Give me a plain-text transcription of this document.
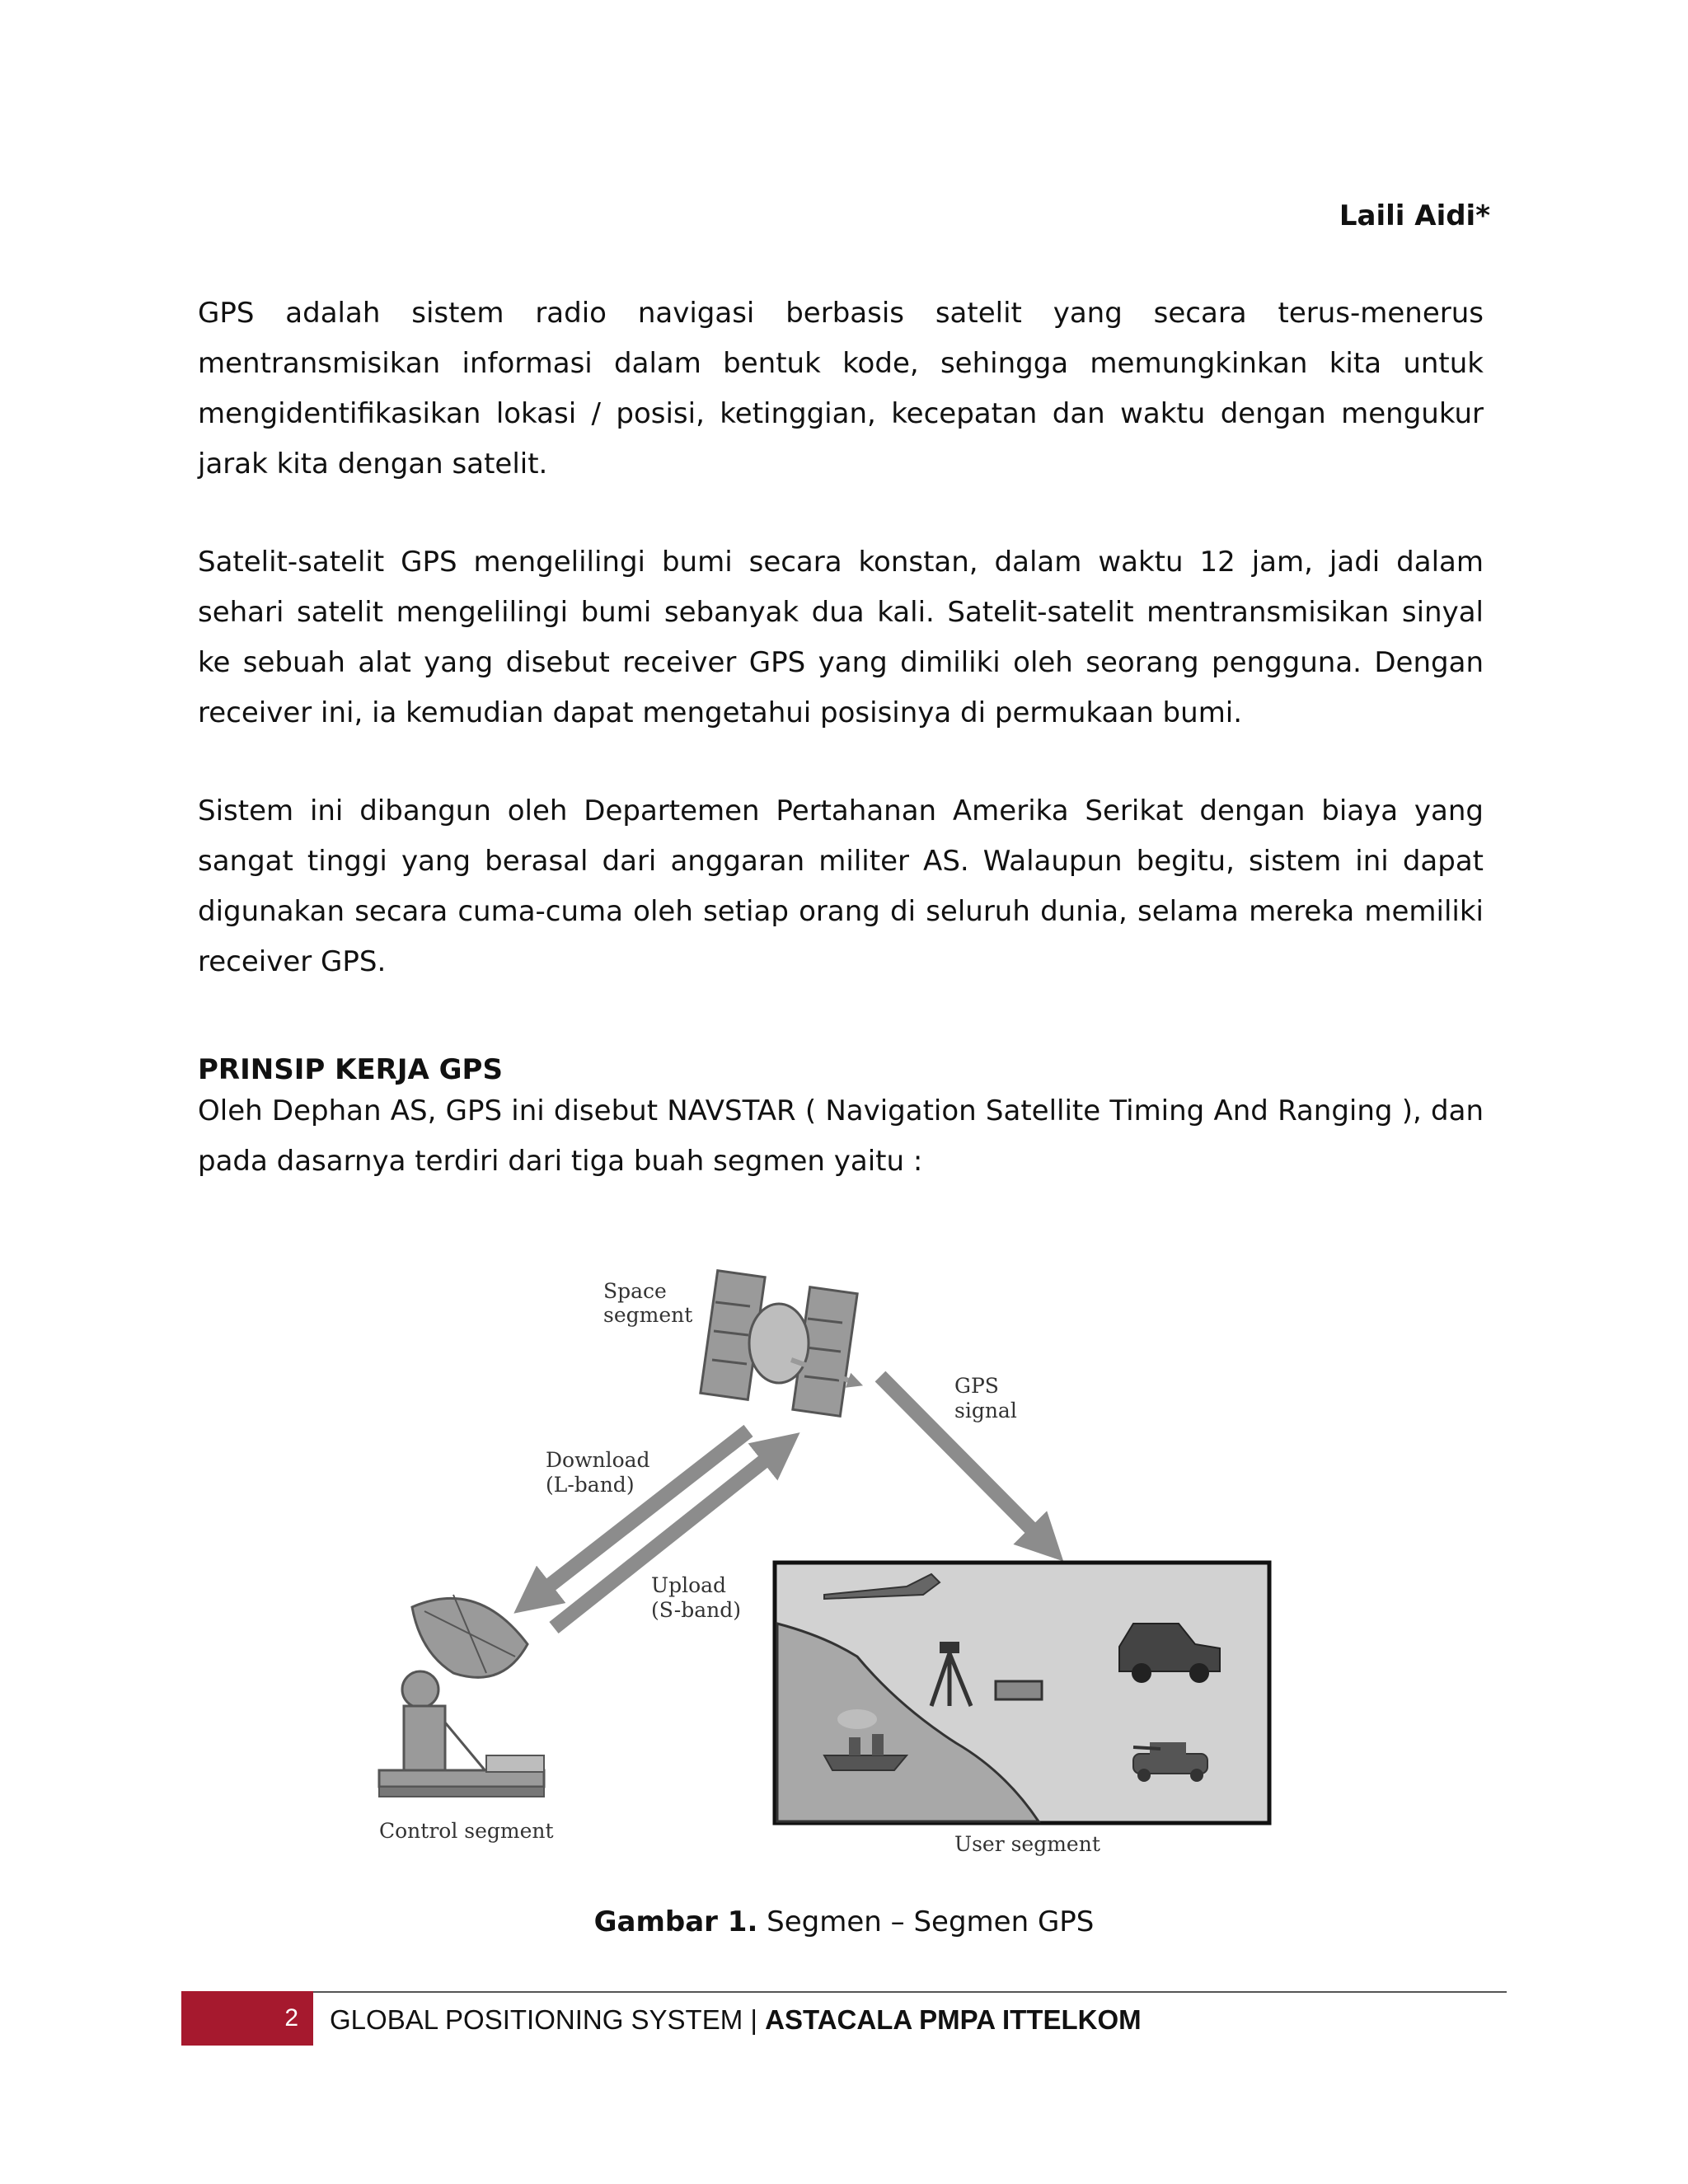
Laili Aidi*

GPS adalah sistem radio navigasi berbasis satelit yang secara terus-menerus mentransmisikan informasi dalam bentuk kode, sehingga memungkinkan kita untuk mengidentifikasikan lokasi / posisi, ketinggian, kecepatan dan waktu dengan mengukur jarak kita dengan satelit.

Satelit-satelit GPS mengelilingi bumi secara konstan, dalam waktu 12 jam, jadi dalam sehari satelit mengelilingi bumi sebanyak dua kali. Satelit-satelit mentransmisikan sinyal ke sebuah alat yang disebut receiver GPS yang dimiliki oleh seorang pengguna. Dengan receiver ini, ia kemudian dapat mengetahui posisinya di permukaan bumi.

Sistem ini dibangun oleh Departemen Pertahanan Amerika Serikat dengan biaya yang sangat tinggi yang berasal dari anggaran militer AS. Walaupun begitu, sistem ini dapat digunakan secara cuma-cuma oleh setiap orang di seluruh dunia, selama mereka memiliki receiver GPS.

PRINSIP KERJA GPS

Oleh Dephan AS, GPS ini disebut NAVSTAR ( Navigation Satellite Timing And Ranging ), dan pada dasarnya terdiri dari tiga buah segmen yaitu :

Space
segment
GPS
signal
Download
(L-band)
Upload
(S-band)
Control segment
User segment
Gambar 1. Segmen – Segmen GPS
2	GLOBAL POSITIONING SYSTEM | ASTACALA PMPA ITTELKOM
